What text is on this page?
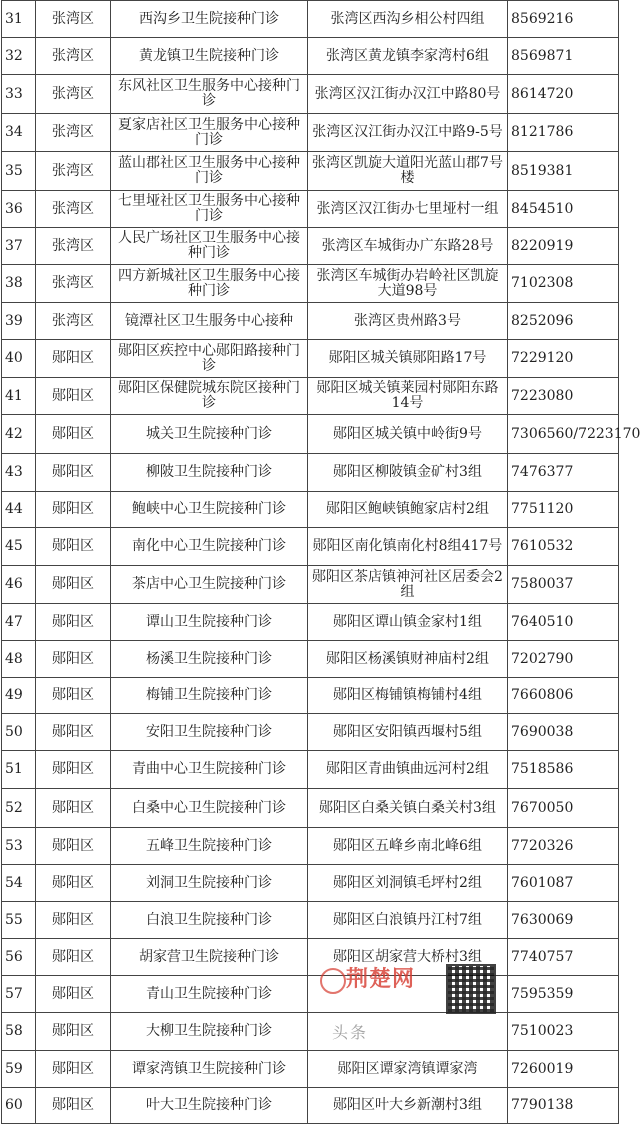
31	张湾区	西沟乡卫生院接种门诊	张湾区西沟乡相公村四组	8569216
32	张湾区	黄龙镇卫生院接种门诊	张湾区黄龙镇李家湾村6组	8569871
33	张湾区	东风社区卫生服务中心接种门诊	张湾区汉江街办汉江中路80号	8614720
34	张湾区	夏家店社区卫生服务中心接种门诊	张湾区汉江街办汉江中路9-5号	8121786
35	张湾区	蓝山郡社区卫生服务中心接种门诊	张湾区凯旋大道阳光蓝山郡7号楼	8519381
36	张湾区	七里垭社区卫生服务中心接种门诊	张湾区汉江街办七里垭村一组	8454510
37	张湾区	人民广场社区卫生服务中心接种门诊	张湾区车城街办广东路28号	8220919
38	张湾区	四方新城社区卫生服务中心接种门诊	张湾区车城街办岩岭社区凯旋大道98号	7102308
39	张湾区	镜潭社区卫生服务中心接种	张湾区贵州路3号	8252096
40	郧阳区	郧阳区疾控中心郧阳路接种门诊	郧阳区城关镇郧阳路17号	7229120
41	郧阳区	郧阳区保健院城东院区接种门诊	郧阳区城关镇莱园村郧阳东路14号	7223080
42	郧阳区	城关卫生院接种门诊	郧阳区城关镇中岭街9号	7306560/7223170
43	郧阳区	柳陂卫生院接种门诊	郧阳区柳陂镇金矿村3组	7476377
44	郧阳区	鲍峡中心卫生院接种门诊	郧阳区鲍峡镇鲍家店村2组	7751120
45	郧阳区	南化中心卫生院接种门诊	郧阳区南化镇南化村8组417号	7610532
46	郧阳区	茶店中心卫生院接种门诊	郧阳区茶店镇神河社区居委会2组	7580037
47	郧阳区	谭山卫生院接种门诊	郧阳区谭山镇金家村1组	7640510
48	郧阳区	杨溪卫生院接种门诊	郧阳区杨溪镇财神庙村2组	7202790
49	郧阳区	梅铺卫生院接种门诊	郧阳区梅铺镇梅铺村4组	7660806
50	郧阳区	安阳卫生院接种门诊	郧阳区安阳镇西堰村5组	7690038
51	郧阳区	青曲中心卫生院接种门诊	郧阳区青曲镇曲远河村2组	7518586
52	郧阳区	白桑中心卫生院接种门诊	郧阳区白桑关镇白桑关村3组	7670050
53	郧阳区	五峰卫生院接种门诊	郧阳区五峰乡南北峰6组	7720326
54	郧阳区	刘洞卫生院接种门诊	郧阳区刘洞镇毛坪村2组	7601087
55	郧阳区	白浪卫生院接种门诊	郧阳区白浪镇丹江村7组	7630069
56	郧阳区	胡家营卫生院接种门诊	郧阳区胡家营大桥村3组	7740757
57	郧阳区	青山卫生院接种门诊		7595359
58	郧阳区	大柳卫生院接种门诊		7510023
59	郧阳区	谭家湾镇卫生院接种门诊	郧阳区谭家湾镇谭家湾	7260019
60	郧阳区	叶大卫生院接种门诊	郧阳区叶大乡新潮村3组	7790138
荆楚网
头条
